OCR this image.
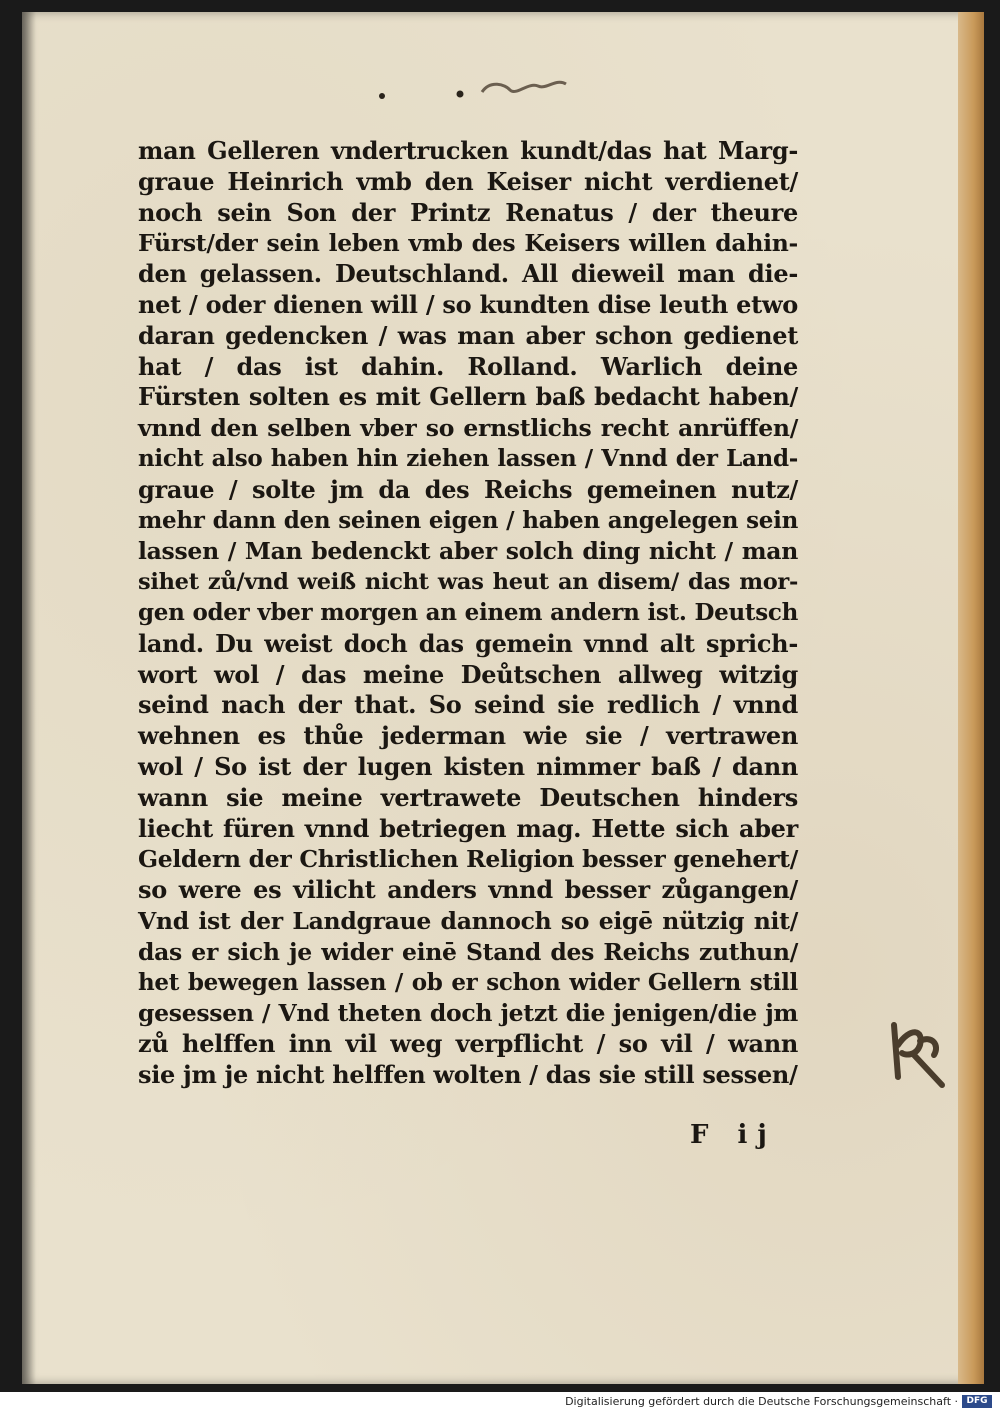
man Gelleren vndertrucken kundt/das hat Marg-
graue Heinrich vmb den Keiser nicht verdienet/
noch sein Son der Printz Renatus / der theure
Fürst/der sein leben vmb des Keisers willen dahin-
den gelassen. Deutschland. All dieweil man die-
net / oder dienen will / so kundten dise leuth etwo
daran gedencken / was man aber schon gedienet
hat / das ist dahin. Rolland. Warlich deine
Fürsten solten es mit Gellern baß bedacht haben/
vnnd den selben vber so ernstlichs recht anrüffen/
nicht also haben hin ziehen lassen / Vnnd der Land-
graue / solte jm da des Reichs gemeinen nutz/
mehr dann den seinen eigen / haben angelegen sein
lassen / Man bedenckt aber solch ding nicht / man
sihet zů/vnd weiß nicht was heut an disem/ das mor-
gen oder vber morgen an einem andern ist. Deutsch
land. Du weist doch das gemein vnnd alt sprich-
wort wol / das meine Deůtschen allweg witzig
seind nach der that. So seind sie redlich / vnnd
wehnen es thůe jederman wie sie / vertrawen
wol / So ist der lugen kisten nimmer baß / dann
wann sie meine vertrawete Deutschen hinders
liecht füren vnnd betriegen mag. Hette sich aber
Geldern der Christlichen Religion besser genehert/
so were es vilicht anders vnnd besser zůgangen/
Vnd ist der Landgraue dannoch so eigē nützig nit/
das er sich je wider einē Stand des Reichs zuthun/
het bewegen lassen / ob er schon wider Gellern still
gesessen / Vnd theten doch jetzt die jenigen/die jm
zů helffen inn vil weg verpflicht / so vil / wann
sie jm je nicht helffen wolten / das sie still sessen/
F ij
Digitalisierung gefördert durch die Deutsche Forschungsgemeinschaft · DFG
